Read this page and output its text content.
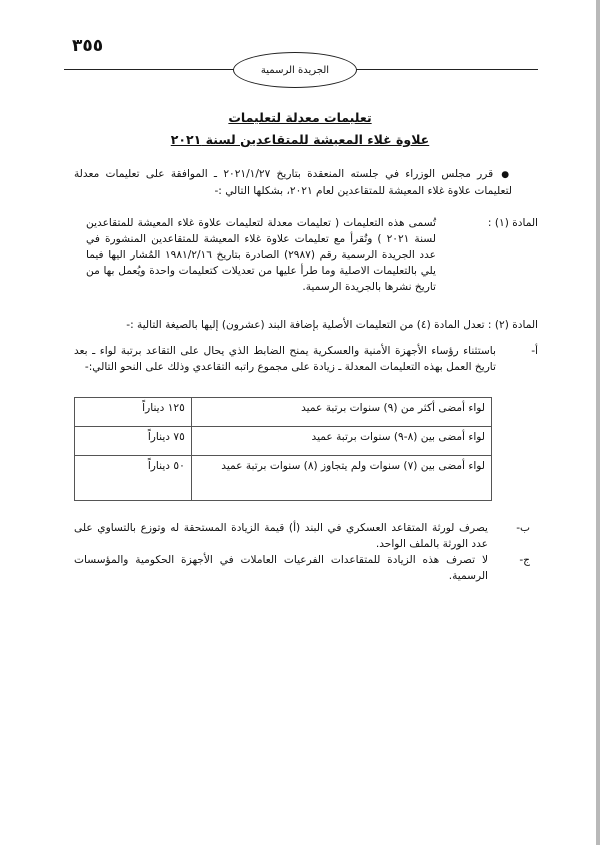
٣٥٥
الجريدة الرسمية
تعليمات معدلة لتعليمات
علاوة غلاء المعيشة للمتقاعدين لسنة ٢٠٢١
●قرر مجلس الوزراء في جلسته المنعقدة بتاريخ ٢٠٢١/١/٢٧ ـ الموافقة على تعليمات معدلة لتعليمات علاوة غلاء المعيشة للمتقاعدين لعام ٢٠٢١، بشكلها التالي :-
المادة (١) :
تُسمى هذه التعليمات ( تعليمات معدلة لتعليمات علاوة غلاء المعيشة للمتقاعدين لسنة ٢٠٢١ ) وتُقرأ مع تعليمات علاوة غلاء المعيشة للمتقاعدين المنشورة في عدد الجريدة الرسمية رقم (٢٩٨٧) الصادرة بتاريخ ١٩٨١/٢/١٦ المُشار اليها فيما يلي بالتعليمات الاصلية وما طرأ عليها من تعديلات كتعليمات واحدة ويُعمل بها من تاريخ نشرها بالجريدة الرسمية.
المادة (٢) : تعدل المادة (٤) من التعليمات الأصلية بإضافة البند (عشرون) إليها بالصيغة التالية :-
أ-
باستثناء رؤساء الأجهزة الأمنية والعسكرية يمنح الضابط الذي يحال على التقاعد برتبة لواء ـ بعد تاريخ العمل بهذه التعليمات المعدلة ـ زيادة على مجموع راتبه التقاعدي وذلك على النحو التالي:-
لواء أمضى أكثر من (٩) سنوات برتبة عميد	١٢٥ ديناراً
لواء أمضى بين (٨-٩) سنوات برتبة عميد	٧٥ ديناراً
لواء أمضى بين (٧) سنوات ولم يتجاوز (٨) سنوات برتبة عميد	٥٠ ديناراً
ب-
يصرف لورثة المتقاعد العسكري في البند (أ) قيمة الزيادة المستحقة له وتوزع بالتساوي على عدد الورثة بالملف الواحد.
ج-
لا تصرف هذه الزيادة للمتقاعدات الفرعيات العاملات في الأجهزة الحكومية والمؤسسات الرسمية.
